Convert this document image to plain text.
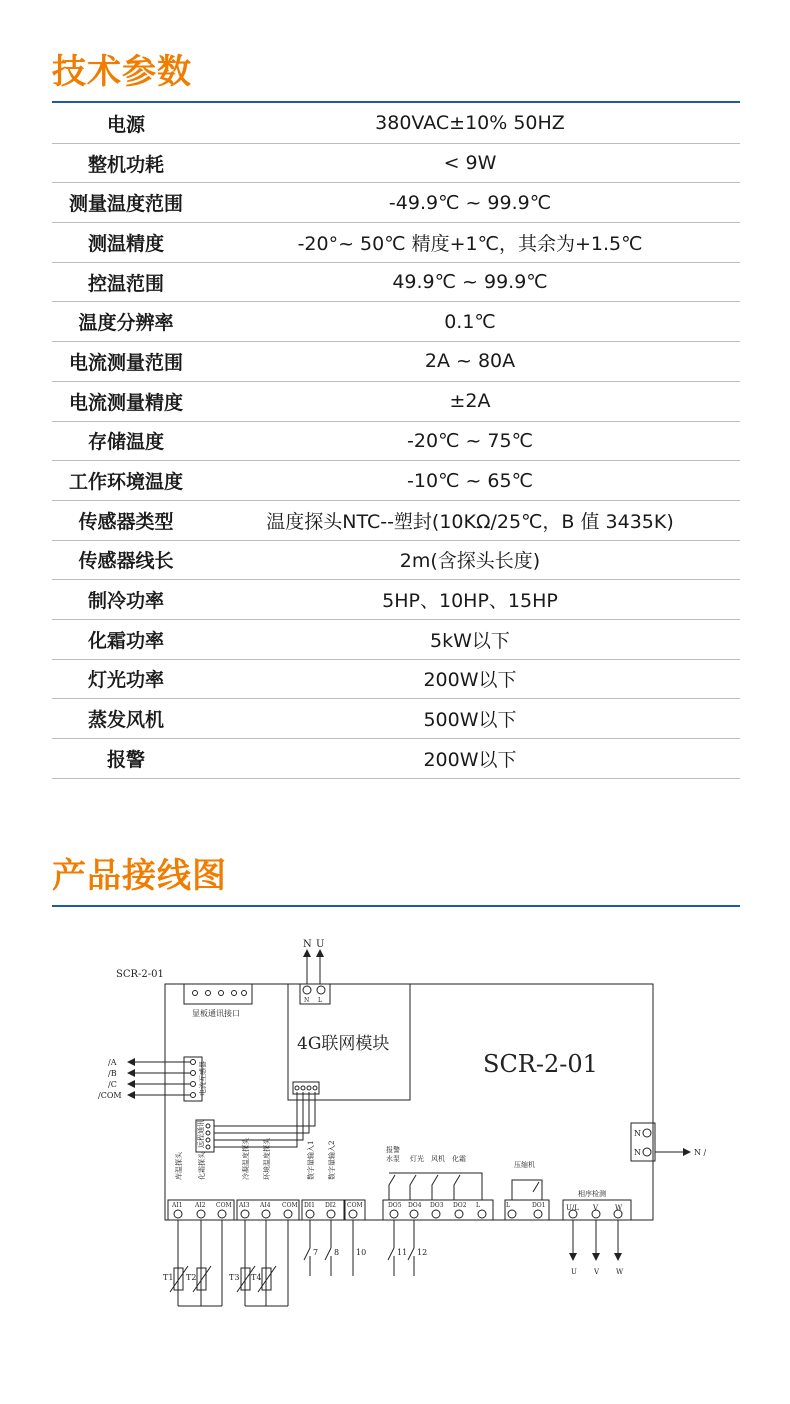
技术参数
电源	380VAC±10% 50HZ
整机功耗	< 9W
测量温度范围	-49.9℃ ~ 99.9℃
测温精度	-20°~ 50℃ 精度+1℃，其余为+1.5℃
控温范围	49.9℃ ~ 99.9℃
温度分辨率	0.1℃
电流测量范围	2A ~ 80A
电流测量精度	±2A
存储温度	-20℃ ~ 75℃
工作环境温度	-10℃ ~ 65℃
传感器类型	温度探头NTC--塑封(10KΩ/25℃，B 值 3435K)
传感器线长	2m(含探头长度)
制冷功率	5HP、10HP、15HP
化霜功率	5kW以下
灯光功率	200W以下
蒸发风机	500W以下
报警	200W以下
产品接线图
SCR-2-01
N U
N L
显板通讯接口
4G联网模块
SCR-2-01
/A
/B
/C
/COM
N /
N
N
报警
水泵 灯光 风机 化霜
压缩机
相序检测
U/L V W
U V W
T1 T2	T3 T4
7 8 10	11 12
库温探头 化霜探头	冷凝温度探头 环境温度探头	数字量输入1 数字量输入2
电流互感器
远程通讯
AI1 AI2 COM AI3 AI4 COM DI1 DI2 COM	DO5 DO4 DO3 DO2 L	L	DO1
